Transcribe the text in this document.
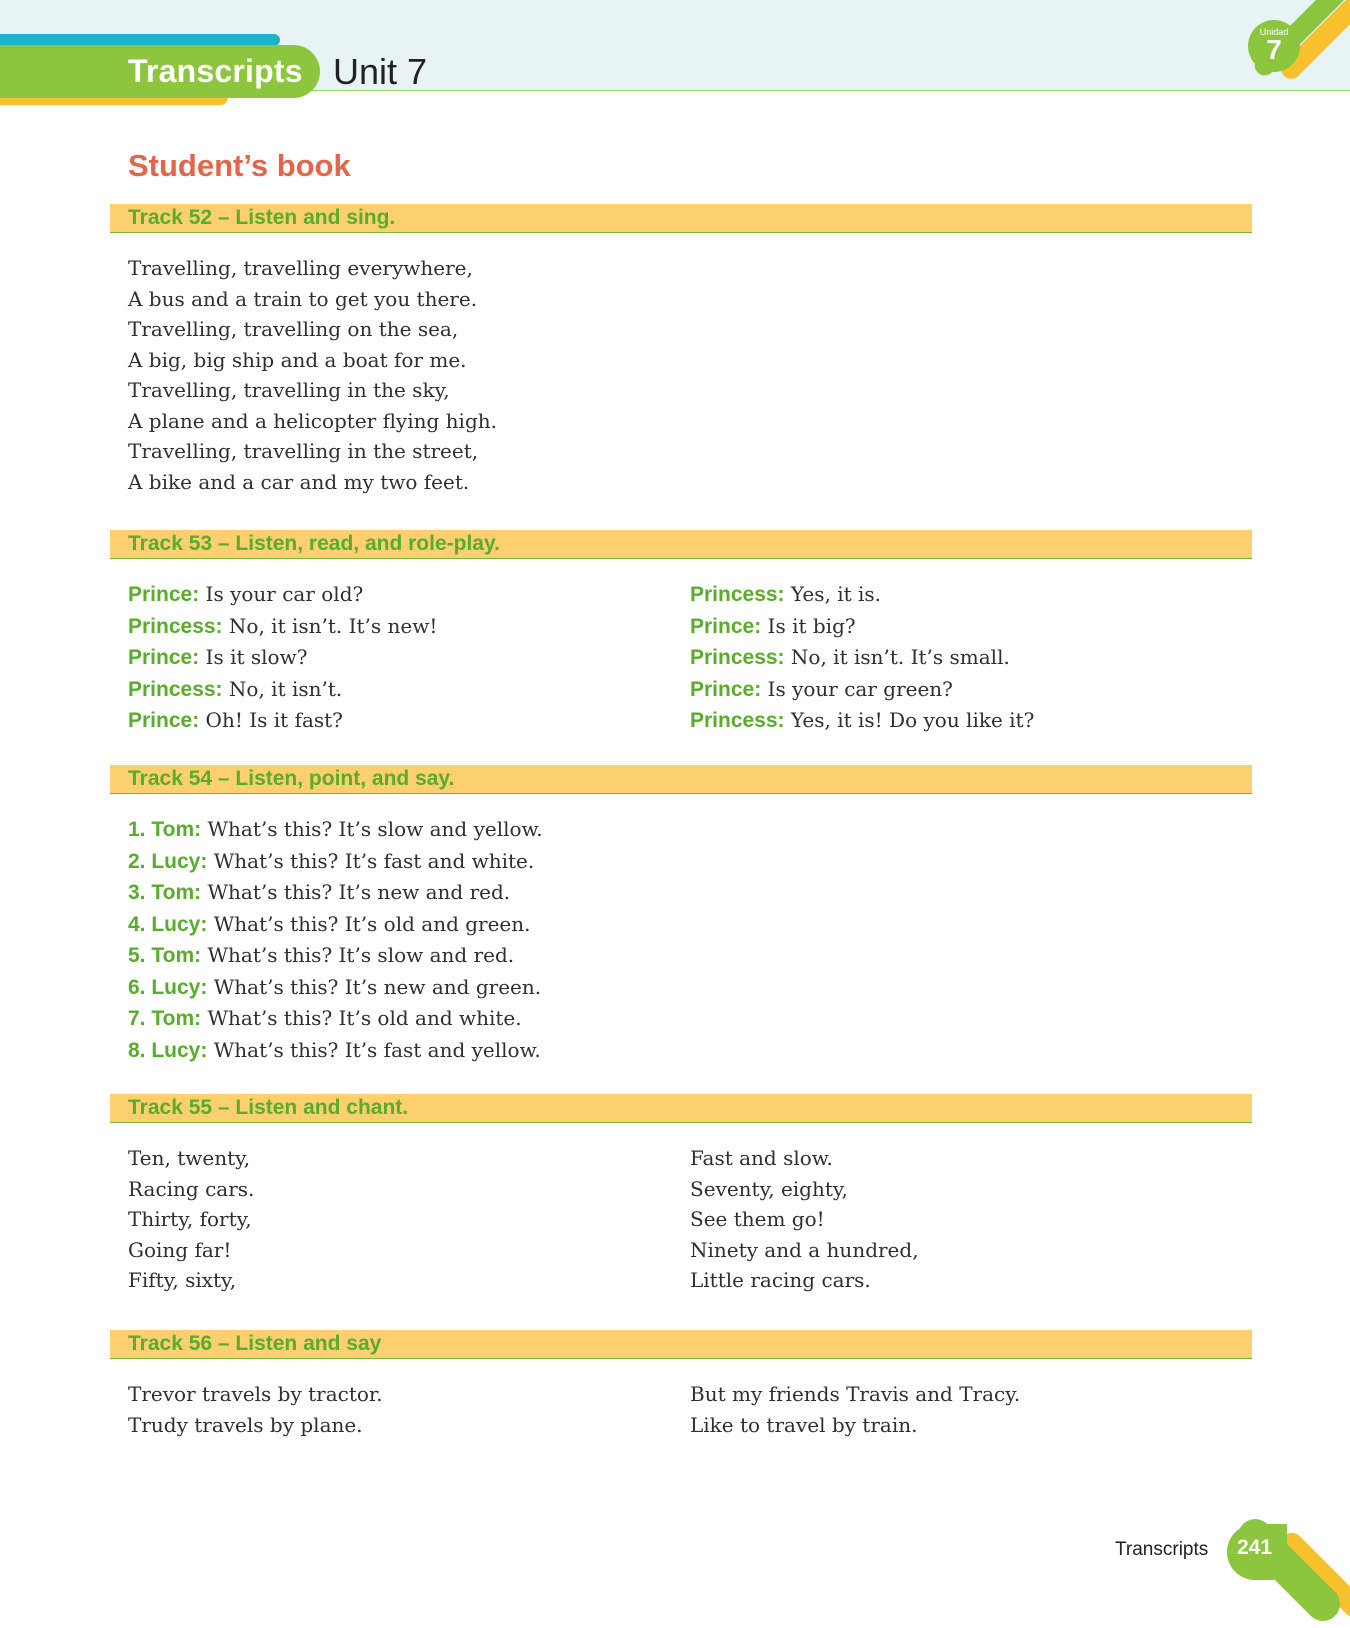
Transcripts Unit 7
Unidad
7
Student’s book
Track 52 – Listen and sing.
Travelling, travelling everywhere,
A bus and a train to get you there.
Travelling, travelling on the sea,
A big, big ship and a boat for me.
Travelling, travelling in the sky,
A plane and a helicopter flying high.
Travelling, travelling in the street,
A bike and a car and my two feet.
Track 53 – Listen, read, and role-play.
Prince: Is your car old?
Princess: No, it isn’t. It’s new!
Prince: Is it slow?
Princess: No, it isn’t.
Prince: Oh! Is it fast?
Princess: Yes, it is.
Prince: Is it big?
Princess: No, it isn’t. It’s small.
Prince: Is your car green?
Princess: Yes, it is! Do you like it?
Track 54 – Listen, point, and say.
1. Tom: What’s this? It’s slow and yellow.
2. Lucy: What’s this? It’s fast and white.
3. Tom: What’s this? It’s new and red.
4. Lucy: What’s this? It’s old and green.
5. Tom: What’s this? It’s slow and red.
6. Lucy: What’s this? It’s new and green.
7. Tom: What’s this? It’s old and white.
8. Lucy: What’s this? It’s fast and yellow.
Track 55 – Listen and chant.
Ten, twenty,
Racing cars.
Thirty, forty,
Going far!
Fifty, sixty,
Fast and slow.
Seventy, eighty,
See them go!
Ninety and a hundred,
Little racing cars.
Track 56 – Listen and say
Trevor travels by tractor.
Trudy travels by plane.
But my friends Travis and Tracy.
Like to travel by train.
Transcripts 241
